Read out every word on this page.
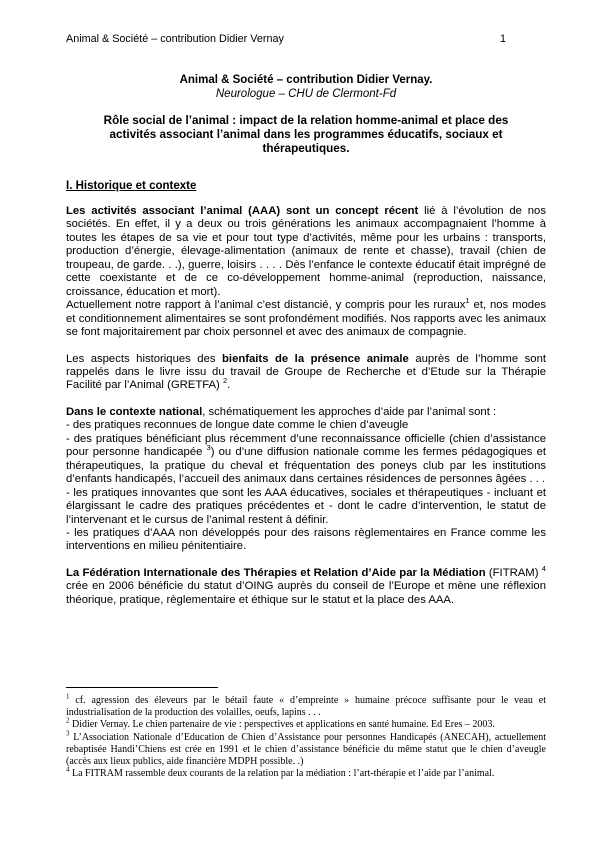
Animal & Société – contribution Didier Vernay	1
Animal & Société – contribution Didier Vernay.
Neurologue – CHU de Clermont-Fd
Rôle social de l’animal : impact de la relation homme-animal et place des activités associant l’animal dans les programmes éducatifs, sociaux et thérapeutiques.
I. Historique et contexte
Les activités associant l’animal (AAA) sont un concept récent lié à l’évolution de nos sociétés. En effet, il y a deux ou trois générations les animaux accompagnaient l’homme à toutes les étapes de sa vie et pour tout type d’activités, même pour les urbains : transports, production d’énergie, élevage-alimentation (animaux de rente et chasse), travail (chien de troupeau, de garde. . .), guerre, loisirs . . . . Dès l’enfance le contexte éducatif était imprégné de cette coexistante et de ce co-développement homme-animal (reproduction, naissance, croissance, éducation et mort).
Actuellement notre rapport à l’animal c’est distancié, y compris pour les ruraux$^1$ et, nos modes et conditionnement alimentaires se sont profondément modifiés. Nos rapports avec les animaux se font majoritairement par choix personnel et avec des animaux de compagnie.
Les aspects historiques des bienfaits de la présence animale auprès de l’homme sont rappelés dans le livre issu du travail de Groupe de Recherche et d’Etude sur la Thérapie Facilité par l’Animal (GRETFA) $^2$.
Dans le contexte national, schématiquement les approches d’aide par l’animal sont :
- des pratiques reconnues de longue date comme le chien d’aveugle
- des pratiques bénéficiant plus récemment d’une reconnaissance officielle (chien d’assistance pour personne handicapée $^3$) ou d’une diffusion nationale comme les fermes pédagogiques et thérapeutiques, la pratique du cheval et fréquentation des poneys club par les institutions d’enfants handicapés, l’accueil des animaux dans certaines résidences de personnes âgées . . .
- les pratiques innovantes que sont les AAA éducatives, sociales et thérapeutiques - incluant et élargissant le cadre des pratiques précédentes et - dont le cadre d’intervention, le statut de l’intervenant et le cursus de l’animal restent à définir.
- les pratiques d’AAA non développés pour des raisons règlementaires en France comme les interventions en milieu pénitentiaire.
La Fédération Internationale des Thérapies et Relation d’Aide par la Médiation (FITRAM) $^4$ crée en 2006 bénéficie du statut d’OING auprès du conseil de l’Europe et mène une réflexion théorique, pratique, règlementaire et éthique sur le statut et la place des AAA.
$^1$ cf. agression des éleveurs par le bétail faute « d’empreinte » humaine précoce suffisante pour le veau et industrialisation de la production des volailles, oeufs, lapins . . .
$^2$ Didier Vernay. Le chien partenaire de vie : perspectives et applications en santé humaine. Ed Eres – 2003.
$^3$ L’Association Nationale d’Education de Chien d’Assistance pour personnes Handicapés (ANECAH), actuellement rebaptisée Handi’Chiens est crée en 1991 et le chien d’assistance bénéficie du même statut que le chien d’aveugle (accès aux lieux publics, aide financière MDPH possible. .)
$^4$ La FITRAM rassemble deux courants de la relation par la médiation : l’art-thérapie et l’aide par l’animal.
